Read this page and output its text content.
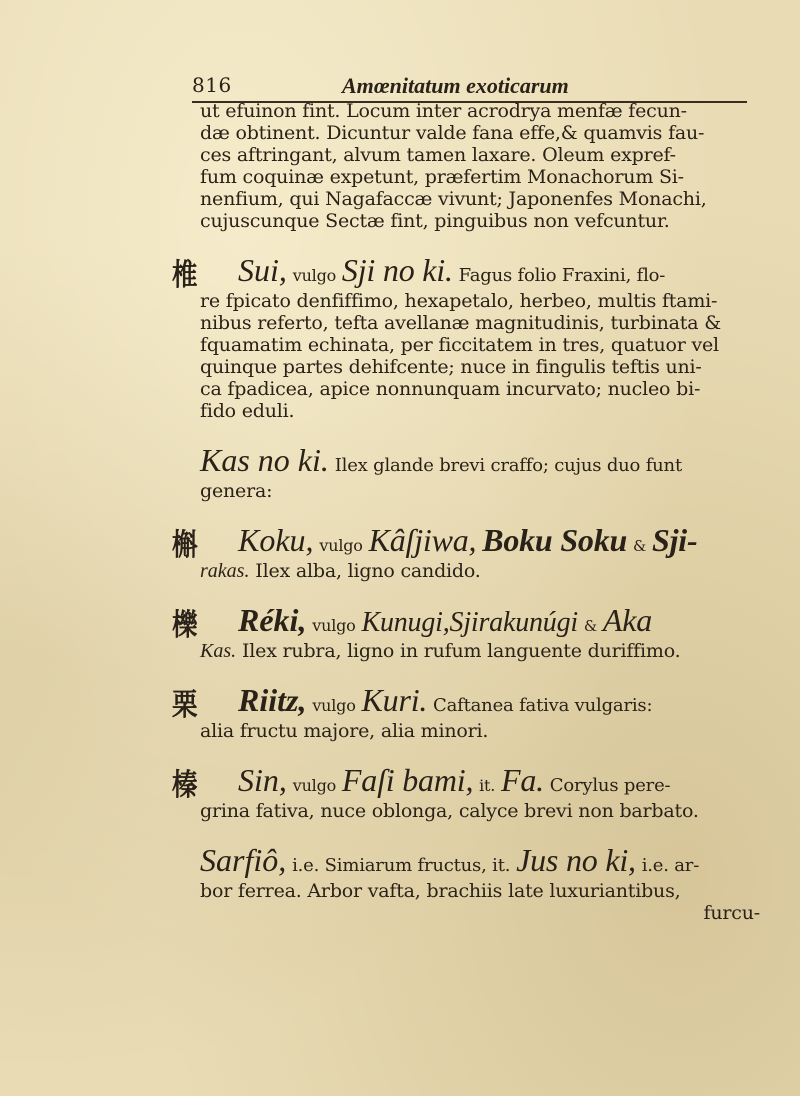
816	Amœnitatum exoticarum
ut efuinon fint. Locum inter acrodrya menfæ fecun-
dæ obtinent. Dicuntur valde fana effe,& quamvis fau-
ces aftringant, alvum tamen laxare. Oleum expref-
fum coquinæ expetunt, præfertim Monachorum Si-
nenfium, qui Nagafaccæ vivunt; Japonenfes Monachi,
cujuscunque Sectæ fint, pinguibus non vefcuntur.
椎 Sui, vulgo Sji no ki. Fagus folio Fraxini, flo-
re fpicato denfiffimo, hexapetalo, herbeo, multis ftami-
nibus referto, tefta avellanæ magnitudinis, turbinata &
fquamatim echinata, per ficcitatem in tres, quatuor vel
quinque partes dehifcente; nuce in fingulis teftis uni-
ca fpadicea, apice nonnunquam incurvato; nucleo bi-
fido eduli.
Kas no ki. Ilex glande brevi craffo; cujus duo funt
genera:
槲 Koku, vulgo Kâſjiwa, Boku Soku & Sji-
rakas. Ilex alba, ligno candido.
櫟 Réki, vulgo Kunugi,Sjirakunúgi & Aka
Kas. Ilex rubra, ligno in rufum languente duriffimo.
栗 Riitz, vulgo Kuri. Caftanea fativa vulgaris:
alia fructu majore, alia minori.
榛 Sin, vulgo Faſi bami, it. Fa. Corylus pere-
grina fativa, nuce oblonga, calyce brevi non barbato.
Sarfiô, i.e. Simiarum fructus, it. Jus no ki, i.e. ar-
bor ferrea. Arbor vafta, brachiis late luxuriantibus,
furcu-
